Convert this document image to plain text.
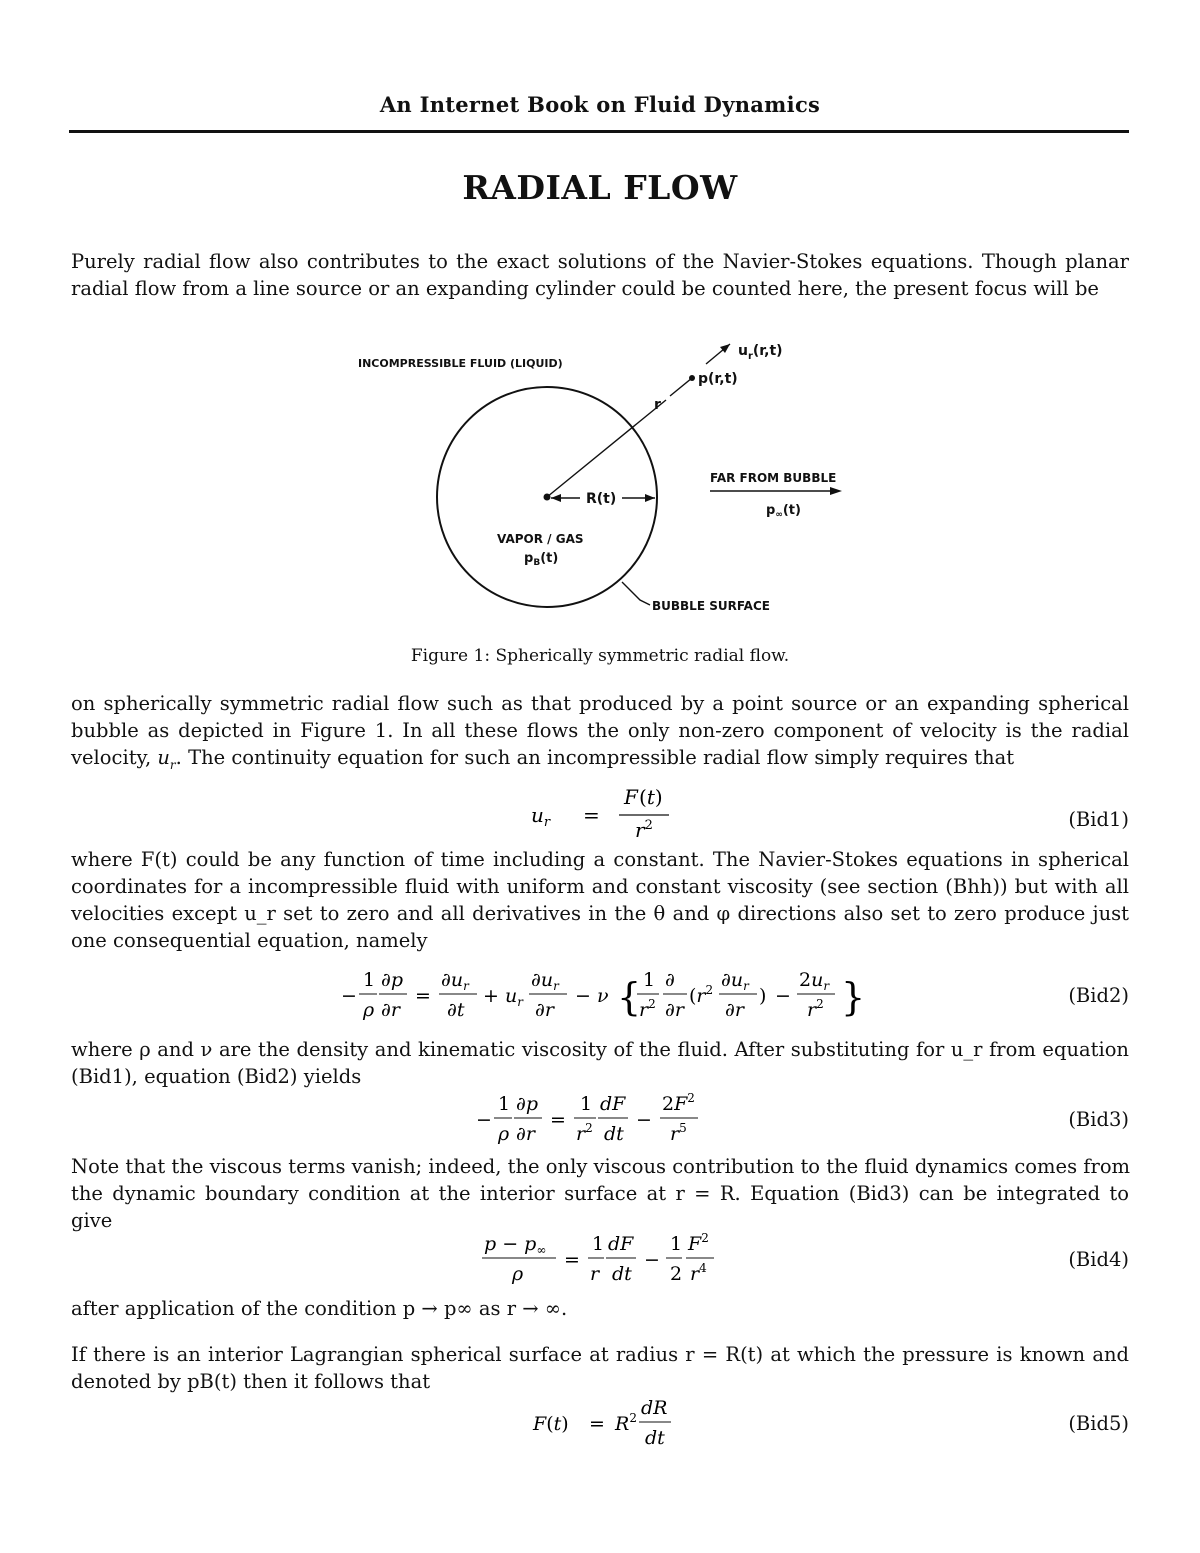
An Internet Book on Fluid Dynamics
RADIAL FLOW
Purely radial flow also contributes to the exact solutions of the Navier-Stokes equations. Though planar
radial flow from a line source or an expanding cylinder could be counted here, the present focus will be
INCOMPRESSIBLE FLUID (LIQUID)
$u_r(r,t)$
p(r,t)
r
R(t)
FAR FROM BUBBLE
$p_\infty(t)$
VAPOR / GAS
$p_B(t)$
BUBBLE SURFACE
Figure 1: Spherically symmetric radial flow.
on spherically symmetric radial flow such as that produced by a point source or an expanding spherical
bubble as depicted in Figure 1. In all these flows the only non-zero component of velocity is the radial
velocity, $u_r$. The continuity equation for such an incompressible radial flow simply requires that
$u_r$ =
F (t)
$r^2$	(Bid1)
where F(t) could be any function of time including a constant. The Navier-Stokes equations in spherical
coordinates for a incompressible fluid with uniform and constant viscosity (see section (Bhh)) but with all
velocities except u_r set to zero and all derivatives in the θ and φ directions also set to zero produce just
one consequential equation, namely
−
1
ρ
∂p
∂r
=
$\partial u_r$
∂t
+ $u_r$
$\partial u_r$
∂r
− ν { 1
$r^2$
∂
∂r
($r^2$ $\partial u_r$
∂r
) −
$2u_r$
$r^2$ }	(Bid2)
where ρ and ν are the density and kinematic viscosity of the fluid. After substituting for u_r from equation
(Bid1), equation (Bid2) yields
−
1
ρ
∂p
∂r
=
1
$r^2$
dF
dt
−
$2F^2$
$r^5$	(Bid3)
Note that the viscous terms vanish; indeed, the only viscous contribution to the fluid dynamics comes from
the dynamic boundary condition at the interior surface at r = R. Equation (Bid3) can be integrated to
give
$p - p_\infty$
ρ
=
1
r
dF
dt
−
1
2
$F^2$
$r^4$	(Bid4)
after application of the condition p → p∞ as r → ∞.
If there is an interior Lagrangian spherical surface at radius r = R(t) at which the pressure is known and
denoted by pB(t) then it follows that
$F(t) = R^2$ dR
dt
(Bid5)
